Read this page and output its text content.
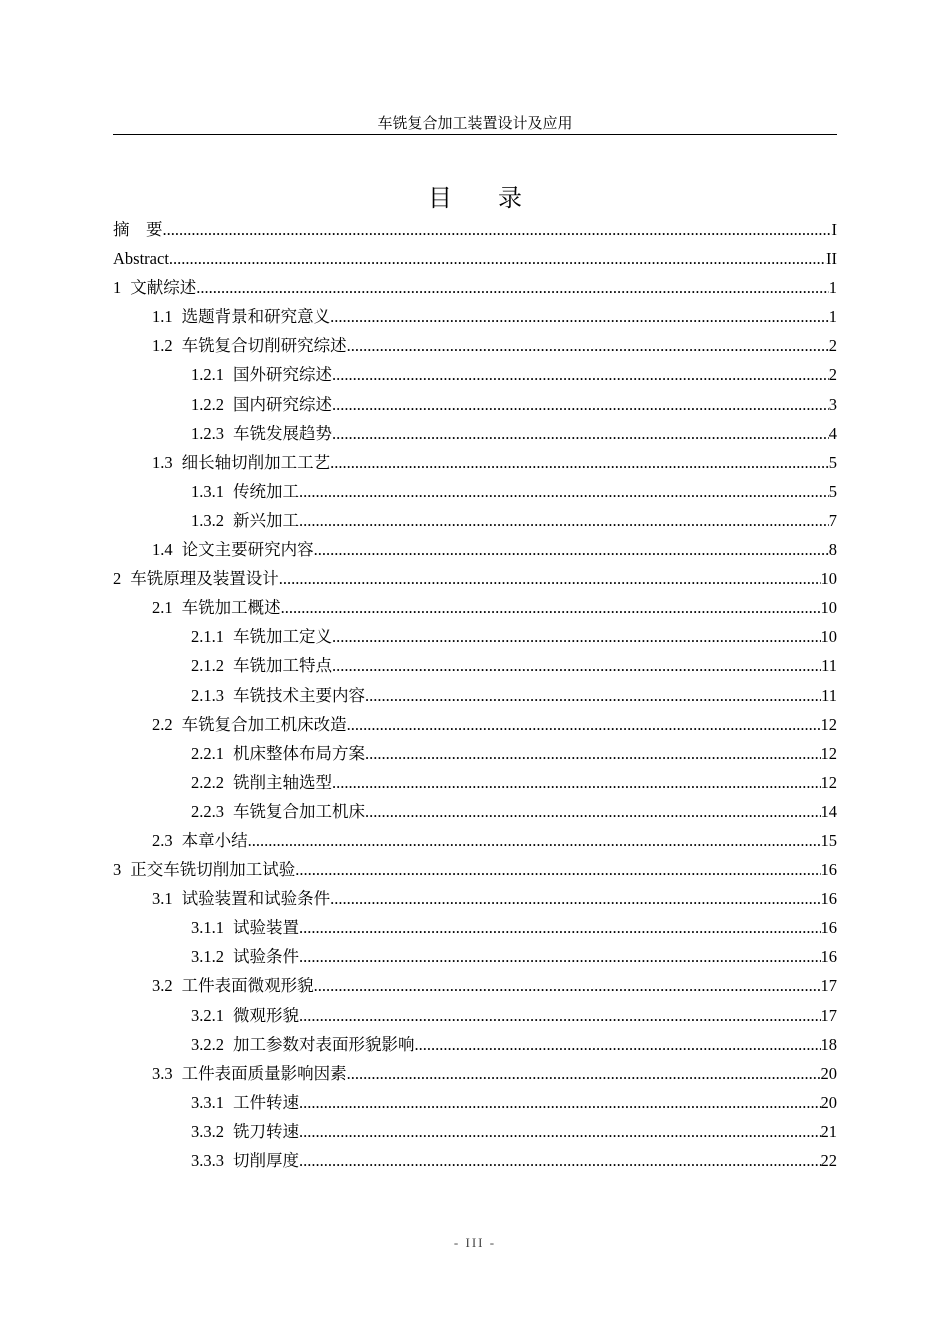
车铣复合加工装置设计及应用
目 录
摘　要 .....	I
Abstract .....	II
1 文献综述 .....	1
1.1 选题背景和研究意义 .....	1
1.2 车铣复合切削研究综述 .....	2
1.2.1 国外研究综述 .....	2
1.2.2 国内研究综述 .....	3
1.2.3 车铣发展趋势 .....	4
1.3 细长轴切削加工工艺 .....	5
1.3.1 传统加工 .....	5
1.3.2 新兴加工 .....	7
1.4 论文主要研究内容 .....	8
2 车铣原理及装置设计 .....	10
2.1 车铣加工概述 .....	10
2.1.1 车铣加工定义 .....	10
2.1.2 车铣加工特点 .....	11
2.1.3 车铣技术主要内容 .....	11
2.2 车铣复合加工机床改造 .....	12
2.2.1 机床整体布局方案 .....	12
2.2.2 铣削主轴选型 .....	12
2.2.3 车铣复合加工机床 .....	14
2.3 本章小结 .....	15
3 正交车铣切削加工试验 .....	16
3.1 试验装置和试验条件 .....	16
3.1.1 试验装置 .....	16
3.1.2 试验条件 .....	16
3.2 工件表面微观形貌 .....	17
3.2.1 微观形貌 .....	17
3.2.2 加工参数对表面形貌影响 .....	18
3.3 工件表面质量影响因素 .....	20
3.3.1 工件转速 .....	20
3.3.2 铣刀转速 .....	21
3.3.3 切削厚度 .....	22
- III -
